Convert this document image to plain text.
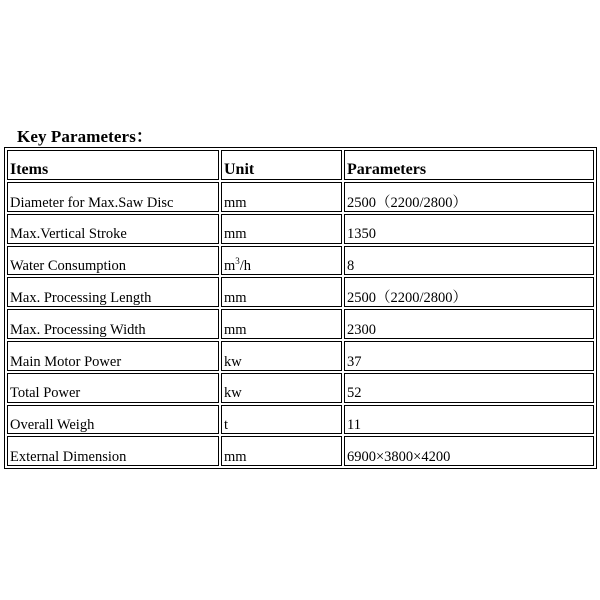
Key Parameters：
Items	Unit	Parameters
Diameter for Max.Saw Disc	mm	2500（2200/2800）
Max.Vertical Stroke	mm	1350
Water Consumption	$m^3/h$	8
Max. Processing Length	mm	2500（2200/2800）
Max. Processing Width	mm	2300
Main Motor Power	kw	37
Total Power	kw	52
Overall Weigh	t	11
External Dimension	mm	6900×3800×4200
